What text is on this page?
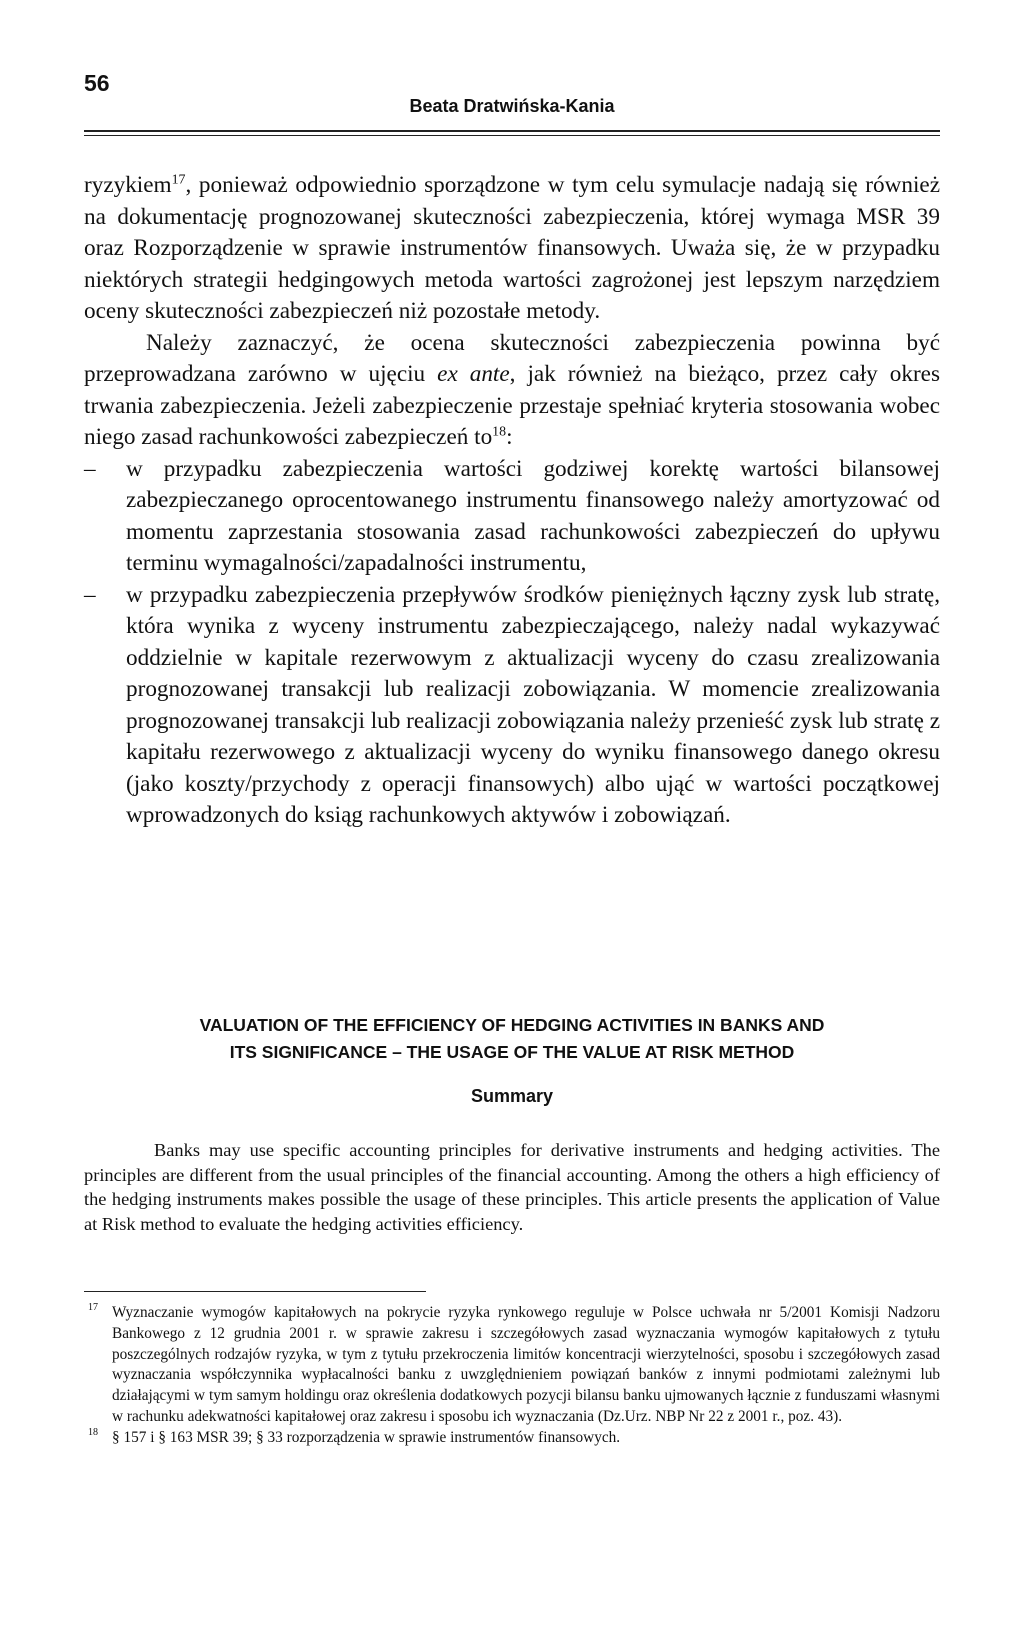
56
Beata Dratwińska-Kania

ryzykiem$^{17}$, ponieważ odpowiednio sporządzone w tym celu symulacje nadają się również na dokumentację prognozowanej skuteczności zabezpieczenia, której wymaga MSR 39 oraz Rozporządzenie w sprawie instrumentów finansowych. Uważa się, że w przypadku niektórych strategii hedgingowych metoda wartości zagrożonej jest lepszym narzędziem oceny skuteczności zabezpieczeń niż pozostałe metody.

Należy zaznaczyć, że ocena skuteczności zabezpieczenia powinna być przeprowadzana zarówno w ujęciu ex ante, jak również na bieżąco, przez cały okres trwania zabezpieczenia. Jeżeli zabezpieczenie przestaje spełniać kryteria stosowania wobec niego zasad rachunkowości zabezpieczeń $to^{18}$:

– w przypadku zabezpieczenia wartości godziwej korektę wartości bilansowej zabezpieczanego oprocentowanego instrumentu finansowego należy amortyzować od momentu zaprzestania stosowania zasad rachunkowości zabezpieczeń do upływu terminu wymagalności/zapadalności instrumentu,

– w przypadku zabezpieczenia przepływów środków pieniężnych łączny zysk lub stratę, która wynika z wyceny instrumentu zabezpieczającego, należy nadal wykazywać oddzielnie w kapitale rezerwowym z aktualizacji wyceny do czasu zrealizowania prognozowanej transakcji lub realizacji zobowiązania. W momencie zrealizowania prognozowanej transakcji lub realizacji zobowiązania należy przenieść zysk lub stratę z kapitału rezerwowego z aktualizacji wyceny do wyniku finansowego danego okresu (jako koszty/przychody z operacji finansowych) albo ująć w wartości początkowej wprowadzonych do ksiąg rachunkowych aktywów i zobowiązań.

VALUATION OF THE EFFICIENCY OF HEDGING ACTIVITIES IN BANKS AND
ITS SIGNIFICANCE – THE USAGE OF THE VALUE AT RISK METHOD
Summary

Banks may use specific accounting principles for derivative instruments and hedging activities. The principles are different from the usual principles of the financial accounting. Among the others a high efficiency of the hedging instruments makes possible the usage of these principles. This article presents the application of Value at Risk method to evaluate the hedging activities efficiency.

17 Wyznaczanie wymogów kapitałowych na pokrycie ryzyka rynkowego reguluje w Polsce uchwała nr 5/2001 Komisji Nadzoru Bankowego z 12 grudnia 2001 r. w sprawie zakresu i szczegółowych zasad wyznaczania wymogów kapitałowych z tytułu poszczególnych rodzajów ryzyka, w tym z tytułu przekroczenia limitów koncentracji wierzytelności, sposobu i szczegółowych zasad wyznaczania współczynnika wypłacalności banku z uwzględnieniem powiązań banków z innymi podmiotami zależnymi lub działającymi w tym samym holdingu oraz określenia dodatkowych pozycji bilansu banku ujmowanych łącznie z funduszami własnymi w rachunku adekwatności kapitałowej oraz zakresu i sposobu ich wyznaczania (Dz.Urz. NBP Nr 22 z 2001 r., poz. 43).

18 § 157 i § 163 MSR 39; § 33 rozporządzenia w sprawie instrumentów finansowych.
